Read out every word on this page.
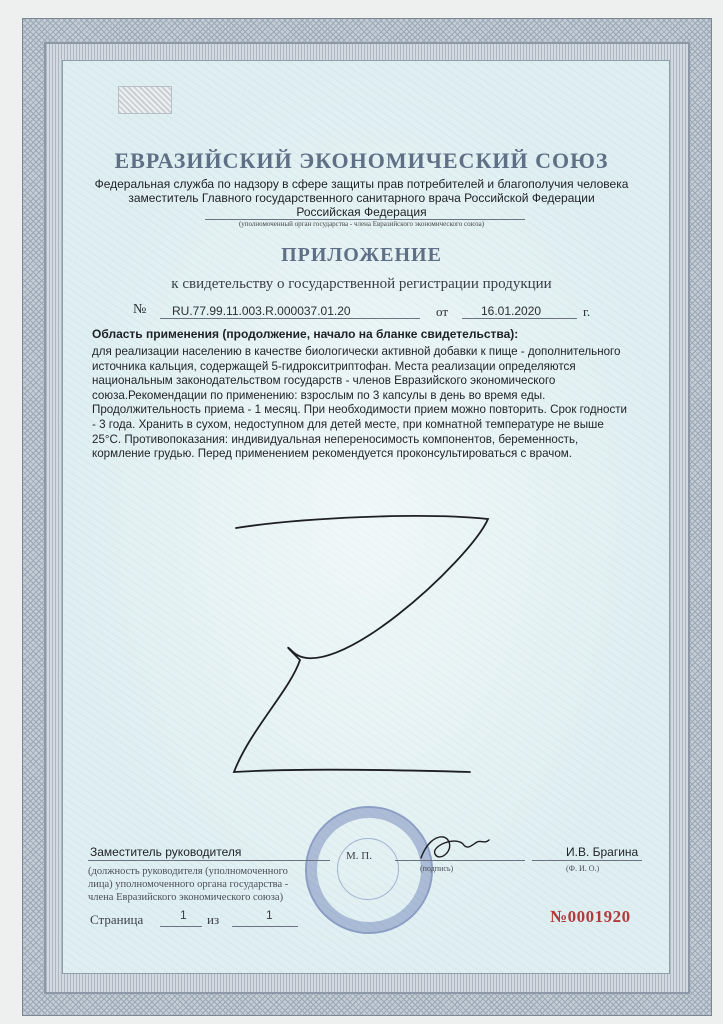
ЕВРАЗИЙСКИЙ ЭКОНОМИЧЕСКИЙ СОЮЗ
Федеральная служба по надзору в сфере защиты прав потребителей и благополучия человека
заместитель Главного государственного санитарного врача Российской Федерации
Российская Федерация
(уполномоченный орган государства - члена Евразийского экономического союза)
ПРИЛОЖЕНИЕ
к свидетельству о государственной регистрации продукции
№ RU.77.99.11.003.R.000037.01.20	от	16.01.2020	г.
Область применения (продолжение, начало на бланке свидетельства):
для реализации населению в качестве биологически активной добавки к пище - дополнительного
источника кальция, содержащей 5-гидрокситриптофан. Места реализации определяются
национальным законодательством государств - членов Евразийского экономического
союза.Рекомендации по применению: взрослым по 3 капсулы в день во время еды.
Продолжительность приема - 1 месяц. При необходимости прием можно повторить. Срок годности
- 3 года. Хранить в сухом, недоступном для детей месте, при комнатной температуре не выше
25°С. Противопоказания: индивидуальная непереносимость компонентов, беременность,
кормление грудью. Перед применением рекомендуется проконсультироваться с врачом.
М. П.
Заместитель руководителя
(подпись)
И.В. Брагина
(Ф. И. О.)
(должность руководителя (уполномоченного
лица) уполномоченного органа государства -
члена Евразийского экономического союза)
Страница	1 из	1	№0001920
